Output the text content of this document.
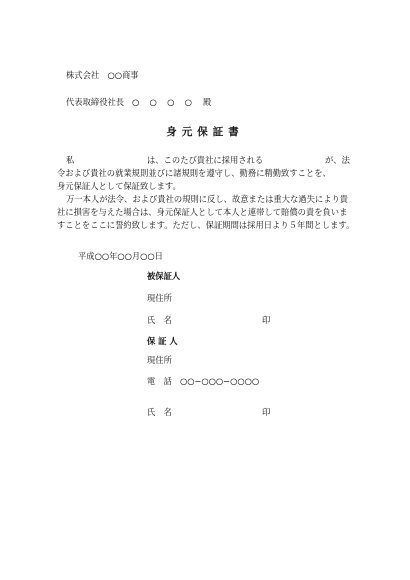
株式会社　○○商事
代表取締役社長 ○　○　○　○ 殿
身元保証書
私	は、このたび貴社に採用される	が、法
令および貴社の就業規則並びに諸規則を遵守し、勤務に精勤致すことを、
身元保証人として保証致します。
万一本人が法令、および貴社の規則に反し、故意または重大な過失により貴
社に損害を与えた場合は、身元保証人として本人と連帯して賠償の責を負いま
すことをここに誓約致します。ただし、保証期間は採用日より５年間とします。
平成○○年○○月○○日
被保証人
現住所
氏　名	印
保 証 人
現住所
電　話 ○○−○○○−○○○○
氏　名	印
